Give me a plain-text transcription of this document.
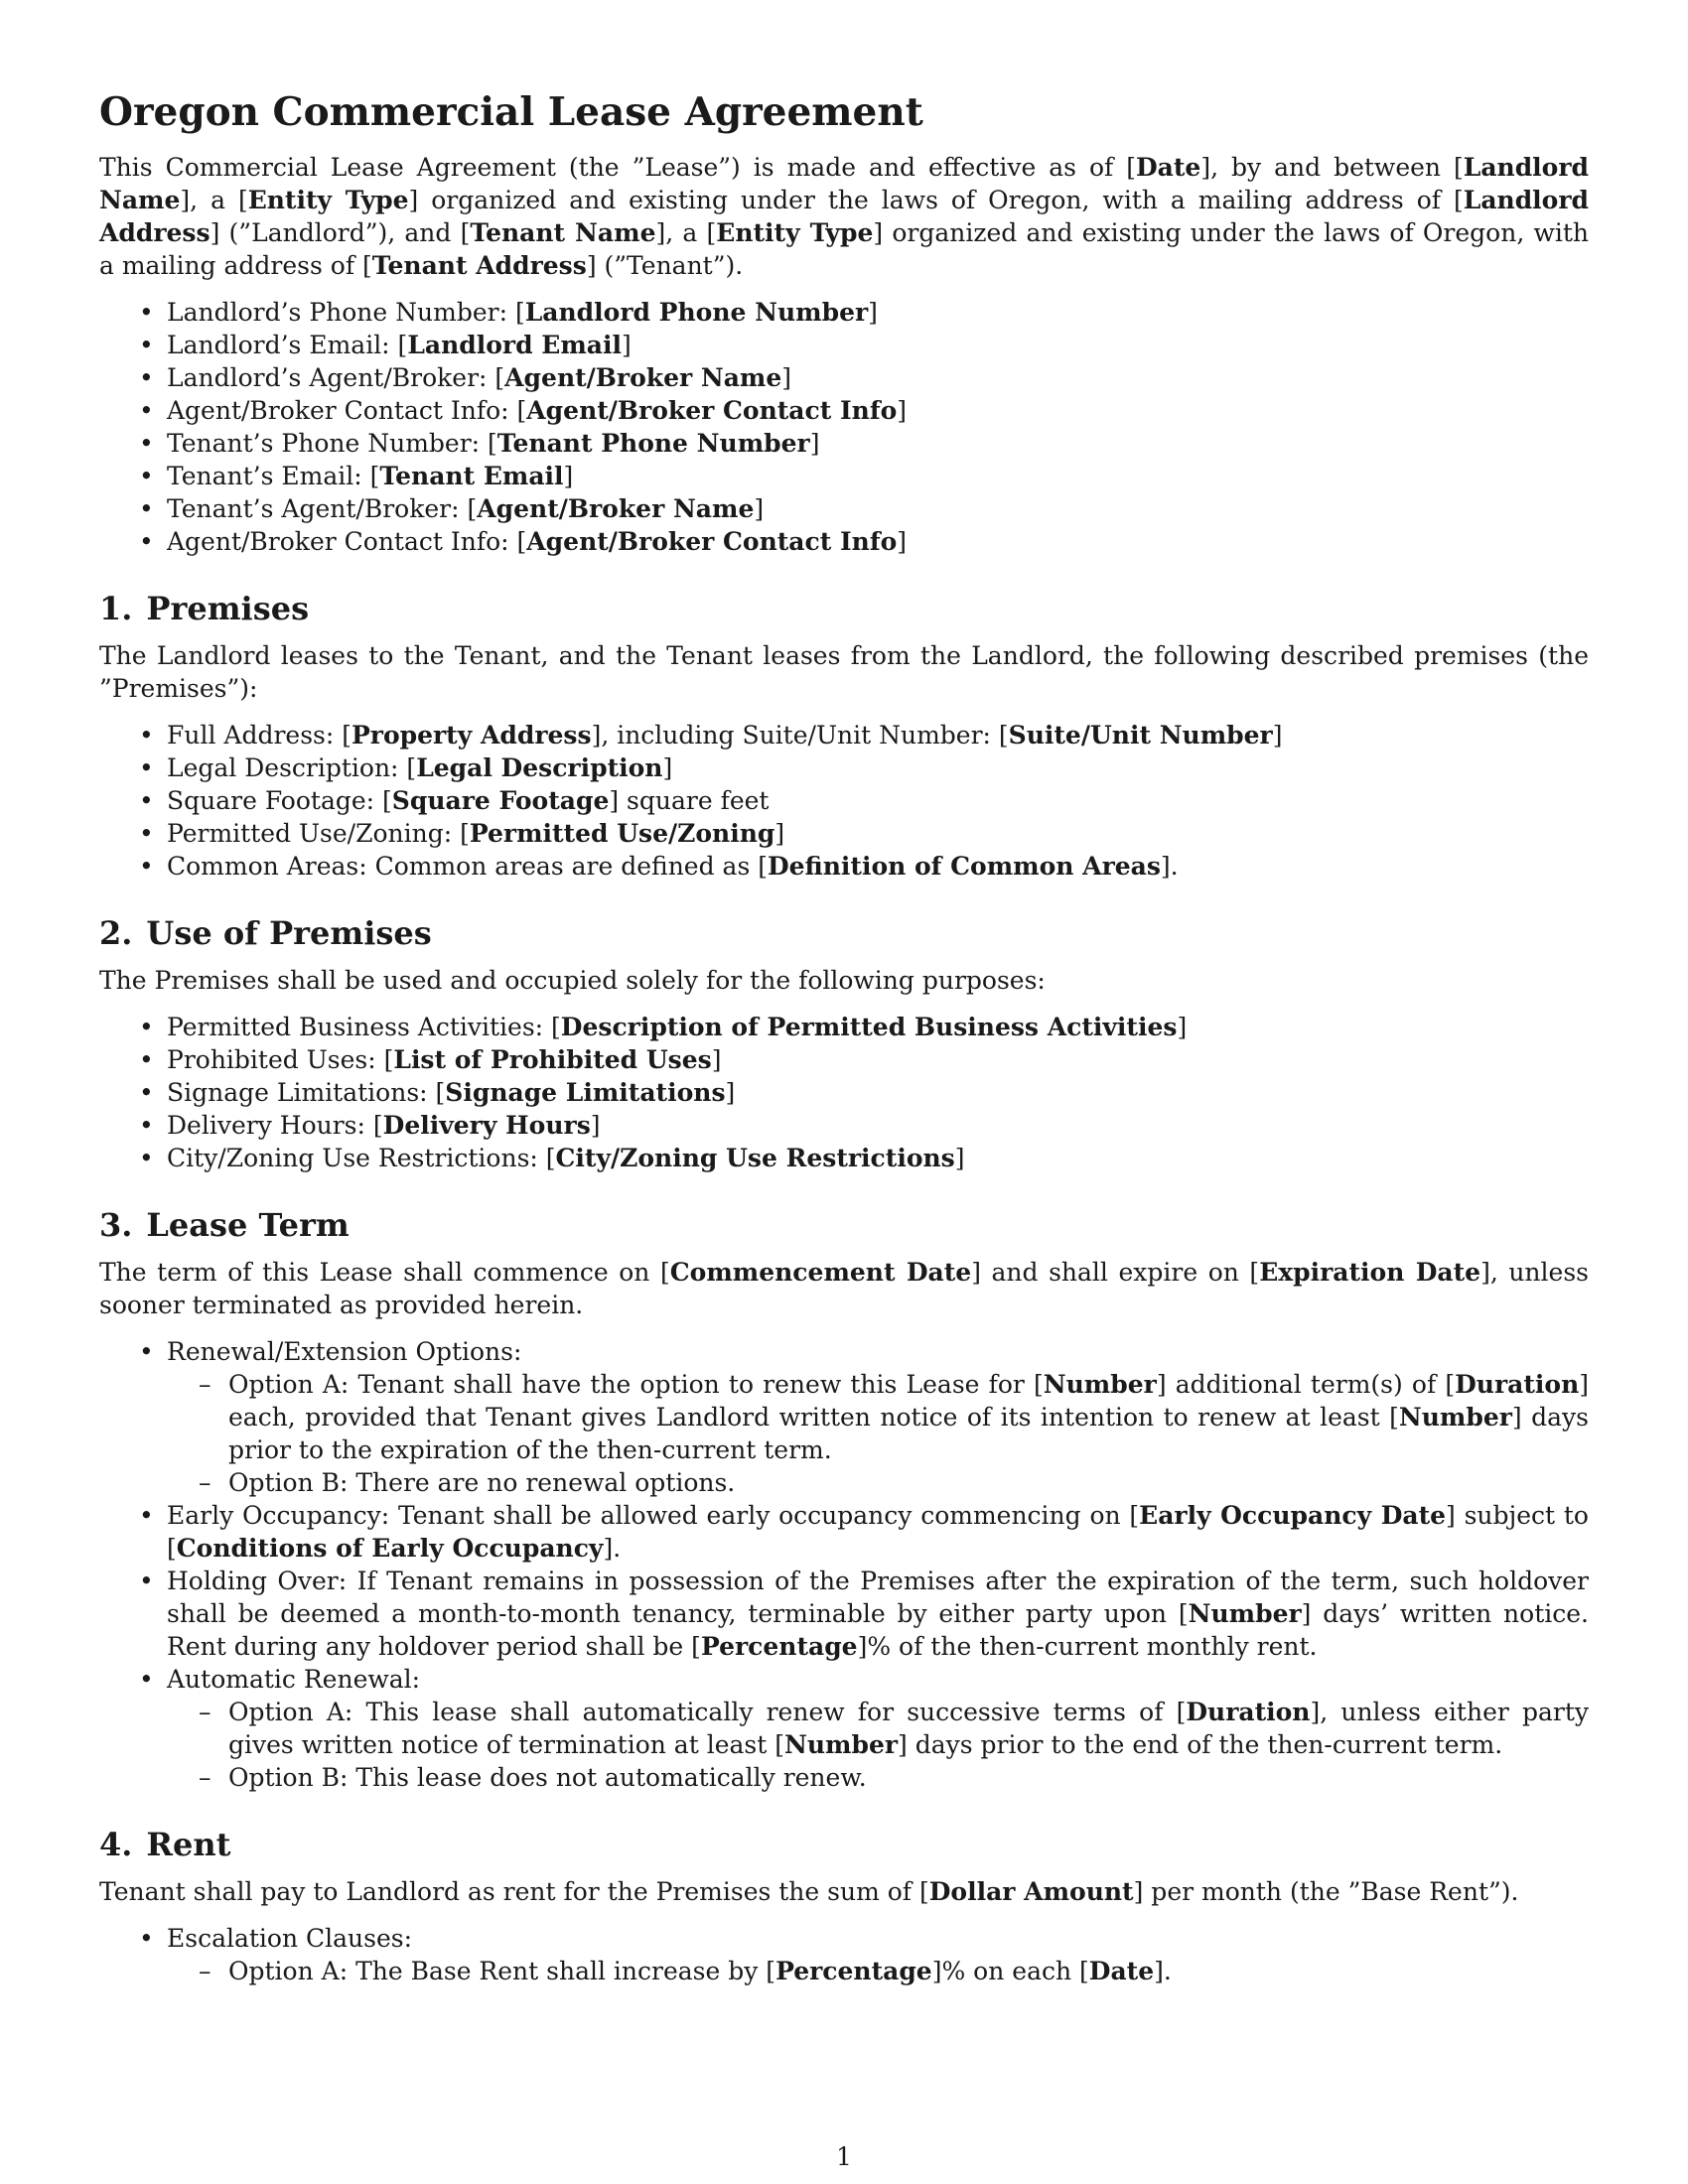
Oregon Commercial Lease Agreement

This Commercial Lease Agreement (the ”Lease”) is made and effective as of [Date], by and between [Landlord Name], a [Entity Type] organized and existing under the laws of Oregon, with a mailing address of [Landlord Address] (”Landlord”), and [Tenant Name], a [Entity Type] organized and existing under the laws of Oregon, with a mailing address of [Tenant Address] (”Tenant”).

• Landlord’s Phone Number: [Landlord Phone Number]
• Landlord’s Email: [Landlord Email]
• Landlord’s Agent/Broker: [Agent/Broker Name]
• Agent/Broker Contact Info: [Agent/Broker Contact Info]
• Tenant’s Phone Number: [Tenant Phone Number]
• Tenant’s Email: [Tenant Email]
• Tenant’s Agent/Broker: [Agent/Broker Name]
• Agent/Broker Contact Info: [Agent/Broker Contact Info]
1. Premises

The Landlord leases to the Tenant, and the Tenant leases from the Landlord, the following described premises (the ”Premises”):

• Full Address: [Property Address], including Suite/Unit Number: [Suite/Unit Number]
• Legal Description: [Legal Description]
• Square Footage: [Square Footage] square feet
• Permitted Use/Zoning: [Permitted Use/Zoning]
• Common Areas: Common areas are defined as [Definition of Common Areas].
2. Use of Premises

The Premises shall be used and occupied solely for the following purposes:

• Permitted Business Activities: [Description of Permitted Business Activities]
• Prohibited Uses: [List of Prohibited Uses]
• Signage Limitations: [Signage Limitations]
• Delivery Hours: [Delivery Hours]
• City/Zoning Use Restrictions: [City/Zoning Use Restrictions]
3. Lease Term

The term of this Lease shall commence on [Commencement Date] and shall expire on [Expiration Date], unless sooner terminated as provided herein.

• Renewal/Extension Options:
– Option A: Tenant shall have the option to renew this Lease for [Number] additional term(s) of [Duration] each, provided that Tenant gives Landlord written notice of its intention to renew at least [Number] days prior to the expiration of the then-current term.
– Option B: There are no renewal options.
• Early Occupancy: Tenant shall be allowed early occupancy commencing on [Early Occupancy Date] subject to [Conditions of Early Occupancy].
• Holding Over: If Tenant remains in possession of the Premises after the expiration of the term, such holdover shall be deemed a month-to-month tenancy, terminable by either party upon [Number] days’ written notice. Rent during any holdover period shall be [Percentage]% of the then-current monthly rent.
• Automatic Renewal:
– Option A: This lease shall automatically renew for successive terms of [Duration], unless either party gives written notice of termination at least [Number] days prior to the end of the then-current term.
– Option B: This lease does not automatically renew.
4. Rent

Tenant shall pay to Landlord as rent for the Premises the sum of [Dollar Amount] per month (the ”Base Rent”).

• Escalation Clauses:
– Option A: The Base Rent shall increase by [Percentage]% on each [Date].
1
